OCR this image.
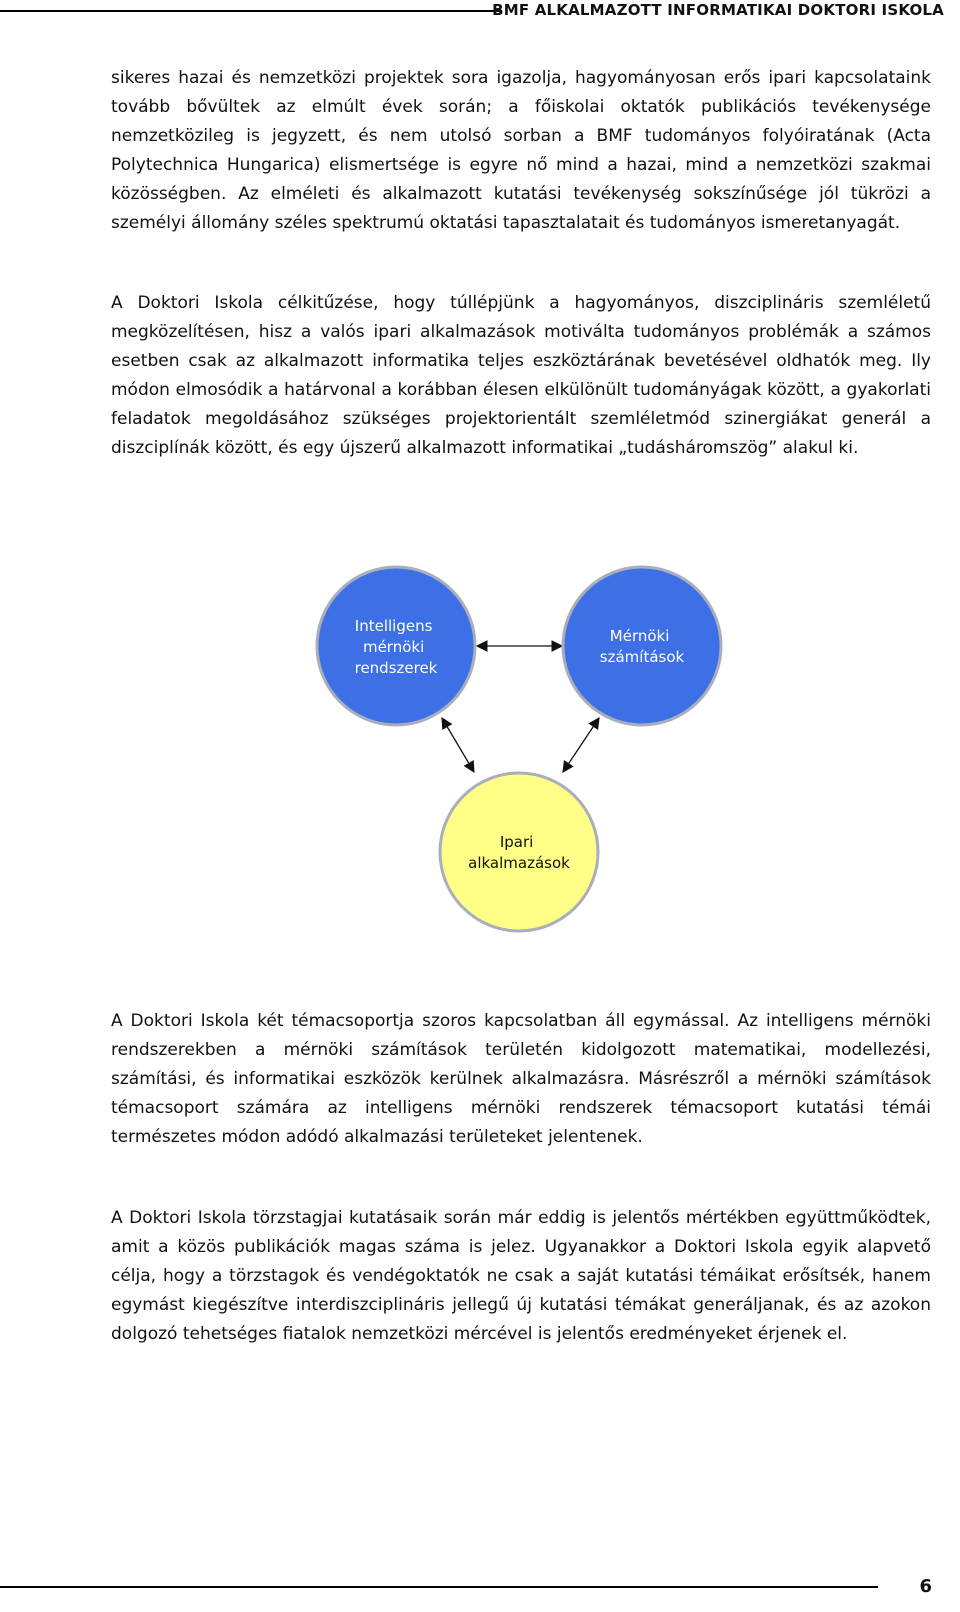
BMF ALKALMAZOTT INFORMATIKAI DOKTORI ISKOLA

sikeres hazai és nemzetközi projektek sora igazolja, hagyományosan erős ipari kapcsolataink tovább bővültek az elmúlt évek során; a főiskolai oktatók publikációs tevékenysége nemzetközileg is jegyzett, és nem utolsó sorban a BMF tudományos folyóiratának (Acta Polytechnica Hungarica) elismertsége is egyre nő mind a hazai, mind a nemzetközi szakmai közösségben. Az elméleti és alkalmazott kutatási tevékenység sokszínűsége jól tükrözi a személyi állomány széles spektrumú oktatási tapasztalatait és tudományos ismeretanyagát.

A Doktori Iskola célkitűzése, hogy túllépjünk a hagyományos, diszciplináris szemléletű megközelítésen, hisz a valós ipari alkalmazások motiválta tudományos problémák a számos esetben csak az alkalmazott informatika teljes eszköztárának bevetésével oldhatók meg. Ily módon elmosódik a határvonal a korábban élesen elkülönült tudományágak között, a gyakorlati feladatok megoldásához szükséges projektorientált szemléletmód szinergiákat generál a diszciplínák között, és egy újszerű alkalmazott informatikai „tudásháromszög” alakul ki.

Intelligens mérnöki rendszerek
Mérnöki számítások
Ipari alkalmazások

A Doktori Iskola két témacsoportja szoros kapcsolatban áll egymással. Az intelligens mérnöki rendszerekben a mérnöki számítások területén kidolgozott matematikai, modellezési, számítási, és informatikai eszközök kerülnek alkalmazásra. Másrészről a mérnöki számítások témacsoport számára az intelligens mérnöki rendszerek témacsoport kutatási témái természetes módon adódó alkalmazási területeket jelentenek.

A Doktori Iskola törzstagjai kutatásaik során már eddig is jelentős mértékben együttműködtek, amit a közös publikációk magas száma is jelez. Ugyanakkor a Doktori Iskola egyik alapvető célja, hogy a törzstagok és vendégoktatók ne csak a saját kutatási témáikat erősítsék, hanem egymást kiegészítve interdiszciplináris jellegű új kutatási témákat generáljanak, és az azokon dolgozó tehetséges fiatalok nemzetközi mércével is jelentős eredményeket érjenek el.

6
